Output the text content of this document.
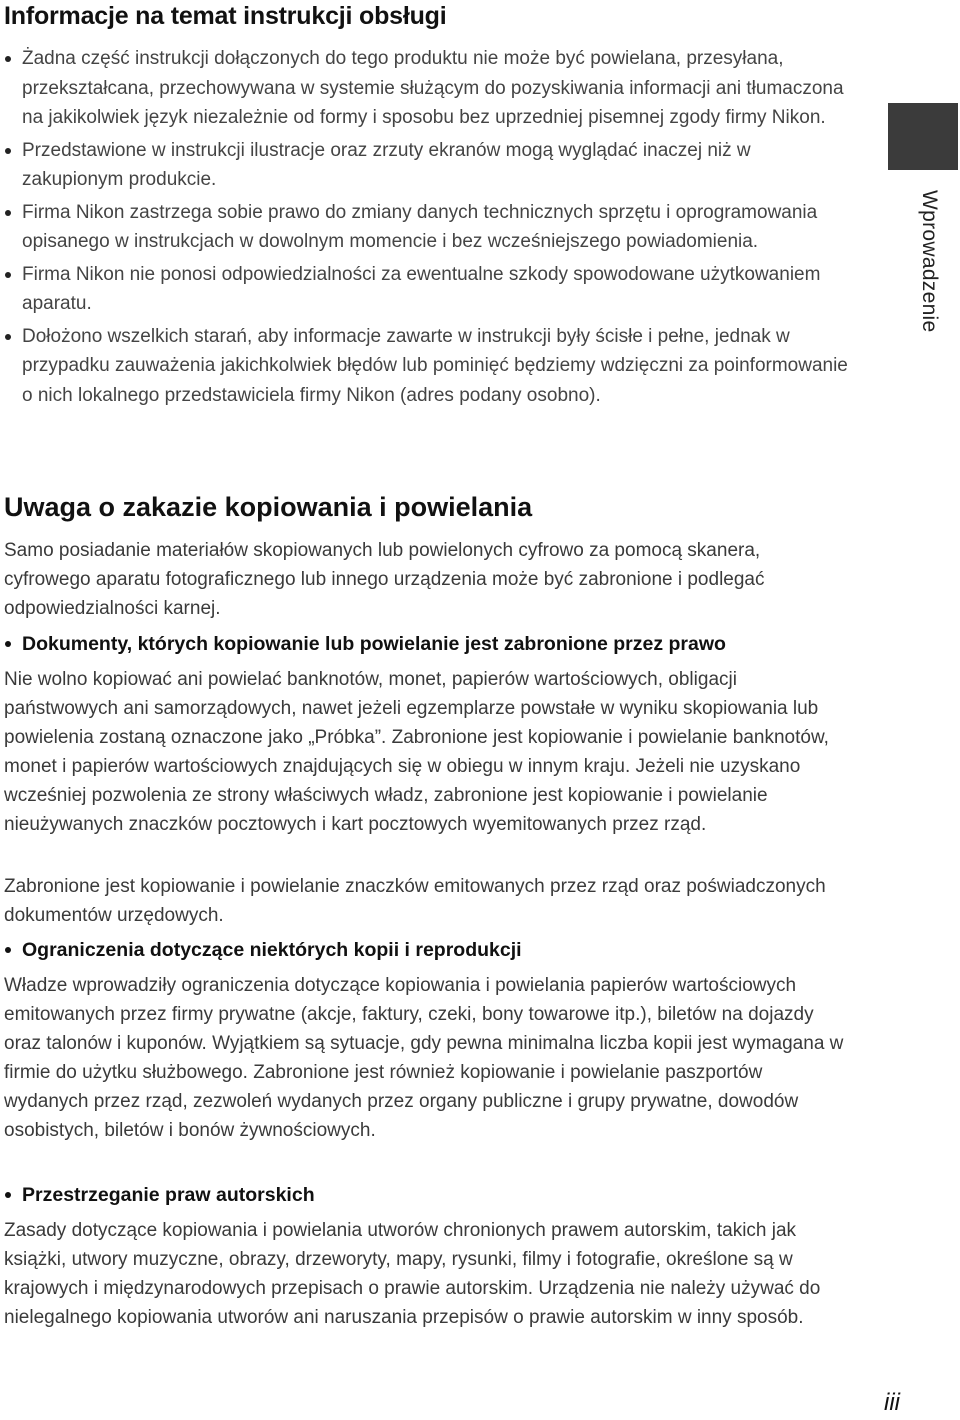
Informacje na temat instrukcji obsługi
Żadna część instrukcji dołączonych do tego produktu nie może być powielana, przesyłana, przekształcana, przechowywana w systemie służącym do pozyskiwania informacji ani tłumaczona na jakikolwiek język niezależnie od formy i sposobu bez uprzedniej pisemnej zgody firmy Nikon.
Przedstawione w instrukcji ilustracje oraz zrzuty ekranów mogą wyglądać inaczej niż w zakupionym produkcie.
Firma Nikon zastrzega sobie prawo do zmiany danych technicznych sprzętu i oprogramowania opisanego w instrukcjach w dowolnym momencie i bez wcześniejszego powiadomienia.
Firma Nikon nie ponosi odpowiedzialności za ewentualne szkody spowodowane użytkowaniem aparatu.
Dołożono wszelkich starań, aby informacje zawarte w instrukcji były ścisłe i pełne, jednak w przypadku zauważenia jakichkolwiek błędów lub pominięć będziemy wdzięczni za poinformowanie o nich lokalnego przedstawiciela firmy Nikon (adres podany osobno).
Uwaga o zakazie kopiowania i powielania

Samo posiadanie materiałów skopiowanych lub powielonych cyfrowo za pomocą skanera, cyfrowego aparatu fotograficznego lub innego urządzenia może być zabronione i podlegać odpowiedzialności karnej.

Dokumenty, których kopiowanie lub powielanie jest zabronione przez prawo

Nie wolno kopiować ani powielać banknotów, monet, papierów wartościowych, obligacji państwowych ani samorządowych, nawet jeżeli egzemplarze powstałe w wyniku skopiowania lub powielenia zostaną oznaczone jako „Próbka”. Zabronione jest kopiowanie i powielanie banknotów, monet i papierów wartościowych znajdujących się w obiegu w innym kraju. Jeżeli nie uzyskano wcześniej pozwolenia ze strony właściwych władz, zabronione jest kopiowanie i powielanie nieużywanych znaczków pocztowych i kart pocztowych wyemitowanych przez rząd.

Zabronione jest kopiowanie i powielanie znaczków emitowanych przez rząd oraz poświadczonych dokumentów urzędowych.

Ograniczenia dotyczące niektórych kopii i reprodukcji

Władze wprowadziły ograniczenia dotyczące kopiowania i powielania papierów wartościowych emitowanych przez firmy prywatne (akcje, faktury, czeki, bony towarowe itp.), biletów na dojazdy oraz talonów i kuponów. Wyjątkiem są sytuacje, gdy pewna minimalna liczba kopii jest wymagana w firmie do użytku służbowego. Zabronione jest również kopiowanie i powielanie paszportów wydanych przez rząd, zezwoleń wydanych przez organy publiczne i grupy prywatne, dowodów osobistych, biletów i bonów żywnościowych.

Przestrzeganie praw autorskich

Zasady dotyczące kopiowania i powielania utworów chronionych prawem autorskim, takich jak książki, utwory muzyczne, obrazy, drzeworyty, mapy, rysunki, filmy i fotografie, określone są w krajowych i międzynarodowych przepisach o prawie autorskim. Urządzenia nie należy używać do nielegalnego kopiowania utworów ani naruszania przepisów o prawie autorskim w inny sposób.

Wprowadzenie
iii
